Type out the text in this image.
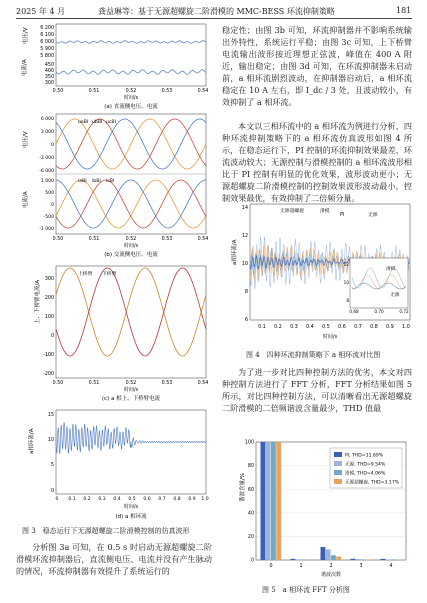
2025 年 4 月	龚益琳等：基于无源超螺旋二阶滑模的 MMC-BESS 环流抑制策略	181
电压/V
电流/A
6 200
6 100
6 000
5 900
5 800
450
400
350
300
0.50	0.51	0.52	0.53	0.54
时间/s
(a) 直流侧电压、电流
uaBI ubBI ucBI
iaBI ibBI icBI
电压/V
电流/A
6 000
3 000
0
-3 000
-6 000
1 000
500
0
-500
-1 000
0.50	0.51	0.52	0.53	0.54
时间/s
(b) 交流侧电压、电流
上桥臂 下桥臂
上、下桥臂电流/A
300
200
100
0
-100
-200
0.50	0.51	0.52	0.53	0.54
时间/s
(c) a 相上、下桥臂电流
a相环流/A
15
10
5
0
0 0.1 0.2 0.3 0.4 0.5 0.6 0.7 0.8 0.9 1.0
时间/s
(d) a 相环流
图 3　稳态运行下无源超螺旋二阶滑模控制的仿真波形
分析图 3a 可知，在 0.5 s 时启动无源超螺旋二阶滑模环流抑制器后，直流侧电压、电流并没有产生脉动的情况，环流抑制器有效提升了系统运行的
稳定性；由图 3b 可知，环流抑制器并不影响系统输出外特性，系统运行平稳；由图 3c 可知，上下桥臂电流输出波形接近理想正弦波，峰值在 400 A 附近，输出稳定；由图 3d 可知，在环流抑制器未启动前，a 相环流剧烈波动，在抑制器启动后，a 相环流稳定在 10 A 左右，即 I_dc / 3 处，且波动较小，有效抑制了 a 相环流。
本文以三相环流中的 a 相环流为例进行分析，四种环流抑制策略下的 a 相环流仿真波形如图 4 所示，在稳态运行下，PI 控制的环流抑制效果最差，环流波动较大；无源控制与滑模控制的 a 相环流波形相比于 PI 控制有明显的优化效果，波形波动更小；无源超螺旋二阶滑模控制的控制效果波形波动最小，控制效果最优，有效抑制了二倍频分量。
无源超螺旋	滑模
PI	无源
滑模
无源
a相环流/A
14
12
10
8
6
12
10
8
0.68	0.70	0.72
0.1 0.2 0.3 0.4 0.5 0.6 0.7 0.8 0.9 1.0
时间/s
图 4　四种环流抑制策略下 a 相环流对比图
为了进一步对比四种控制方法的优劣，本文对四种控制方法进行了 FFT 分析，FFT 分析结果如图 5 所示，对比四种控制方法，可以清晰看出无源超螺旋二阶滑模的二倍频谐波含量最少，THD 值最
谐波含量/%
100
80
60
40
20
0
0	1	2	3	4
谐波次数
PI, THD=11.69%
无源, THD=9.54%
滑模, THD=4.06%
无源超螺旋, THD=3.17%
图 5　a 相环流 FFT 分析图
